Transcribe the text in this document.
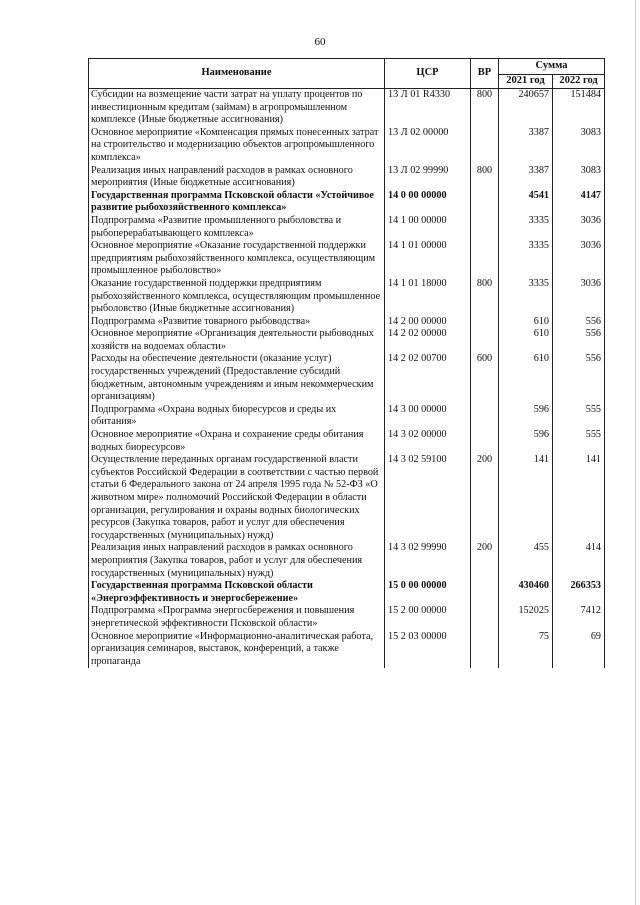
60
Наименование	ЦСР	ВР	Сумма	
			2021 год	2022 год
Субсидии на возмещение части затрат на уплату процентов по инвестиционным кредитам (займам) в агропромышленном комплексе (Иные бюджетные ассигнования)	13 Л 01 R4330	800	240657	151484
Основное мероприятие «Компенсация прямых понесенных затрат на строительство и модернизацию объектов агропромышленного комплекса»	13 Л 02 00000		3387	3083
Реализация иных направлений расходов в рамках основного мероприятия (Иные бюджетные ассигнования)	13 Л 02 99990	800	3387	3083
Государственная программа Псковской области «Устойчивое развитие рыбохозяйственного комплекса»	14 0 00 00000		4541	4147
Подпрограмма «Развитие промышленного рыболовства и рыбоперерабатывающего комплекса»	14 1 00 00000		3335	3036
Основное мероприятие «Оказание государственной поддержки предприятиям рыбохозяйственного комплекса, осуществляющим промышленное рыболовство»	14 1 01 00000		3335	3036
Оказание государственной поддержки предприятиям рыбохозяйственного комплекса, осуществляющим промышленное рыболовство (Иные бюджетные ассигнования)	14 1 01 18000	800	3335	3036
Подпрограмма «Развитие товарного рыбоводства»	14 2 00 00000		610	556
Основное мероприятие «Организация деятельности рыбоводных хозяйств на водоемах области»	14 2 02 00000		610	556
Расходы на обеспечение деятельности (оказание услуг) государственных учреждений (Предоставление субсидий бюджетным, автономным учреждениям и иным некоммерческим организациям)	14 2 02 00700	600	610	556
Подпрограмма «Охрана водных биоресурсов и среды их обитания»	14 3 00 00000		596	555
Основное мероприятие «Охрана и сохранение среды обитания водных биоресурсов»	14 3 02 00000		596	555
Осуществление переданных органам государственной власти субъектов Российской Федерации в соответствии с частью первой статьи 6 Федерального закона от 24 апреля 1995 года № 52-ФЗ «О животном мире» полномочий Российской Федерации в области организации, регулирования и охраны водных биологических ресурсов (Закупка товаров, работ и услуг для обеспечения государственных (муниципальных) нужд)	14 3 02 59100	200	141	141
Реализация иных направлений расходов в рамках основного мероприятия (Закупка товаров, работ и услуг для обеспечения государственных (муниципальных) нужд)	14 3 02 99990	200	455	414
Государственная программа Псковской области «Энергоэффективность и энергосбережение»	15 0 00 00000		430460	266353
Подпрограмма «Программа энергосбережения и повышения энергетической эффективности Псковской области»	15 2 00 00000		152025	7412
Основное мероприятие «Информационно-аналитическая работа, организация семинаров, выставок, конференций, а также пропаганда	15 2 03 00000		75	69
